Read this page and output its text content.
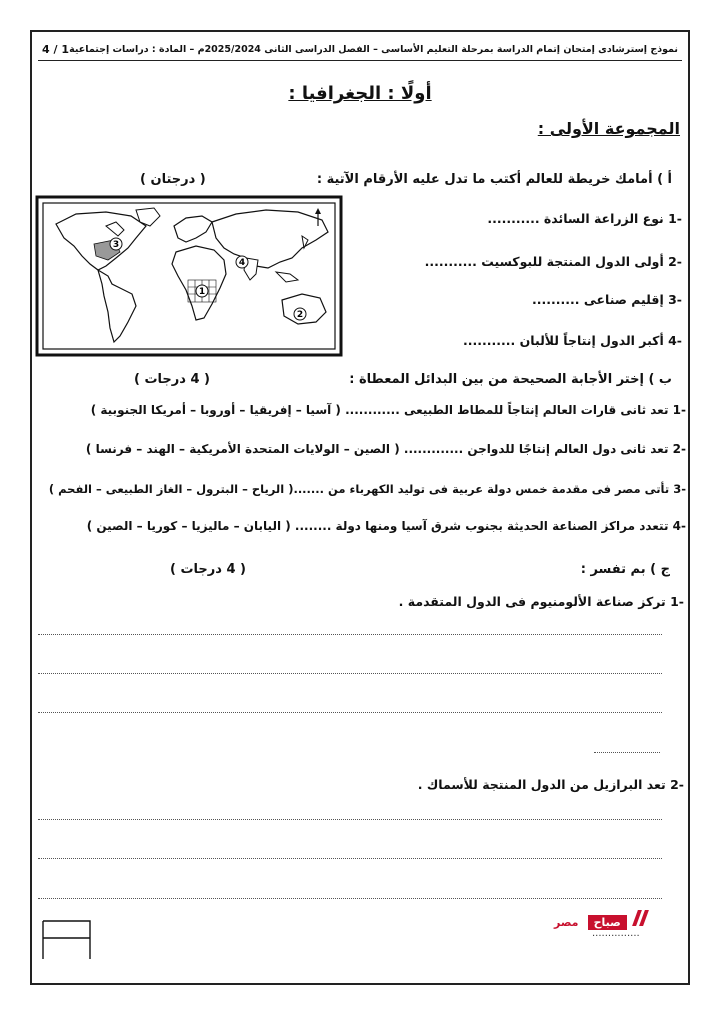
4 / 1 نموذج إسترشادى إمتحان إتمام الدراسة بمرحلة التعليم الأساسى – الفصل الدراسى الثانى 2025/2024م – المادة : دراسات إجتماعية
أولًا : الجغرافيا :
المجموعة الأولى :
أ ) أمامك خريطة للعالم أكتب ما تدل عليه الأرقام الآتية :
( درجتان )
-1 نوع الزراعة السائدة ...........
-2 أولى الدول المنتجة للبوكسيت ...........
-3 إقليم صناعى ..........
-4 أكبر الدول إنتاجاً للألبان ...........
1
2
3
4
ب ) إختر الأجابة الصحيحة من بين البدائل المعطاة :
( 4 درجات )
-1 تعد ثانى قارات العالم إنتاجاً للمطاط الطبيعى ............ ( آسيا – إفريقيا – أوروبا – أمريكا الجنوبية )
-2 تعد ثانى دول العالم إنتاجًا للدواجن ............. ( الصين – الولايات المتحدة الأمريكية – الهند – فرنسا )
-3 تأتى مصر فى مقدمة خمس دولة عربية فى توليد الكهرباء من .......( الرياح – البترول – الغاز الطبيعى – الفحم )
-4 تتعدد مراكز الصناعة الحديثة بجنوب شرق آسيا ومنها دولة ........ ( اليابان – ماليزيا – كوريا – الصين )
ج ) بم تفسر :
( 4 درجات )
-1 تركز صناعة الألومنيوم فى الدول المتقدمة .
-2 تعد البرازيل من الدول المنتجة للأسماك .
صباح مصر
...............
